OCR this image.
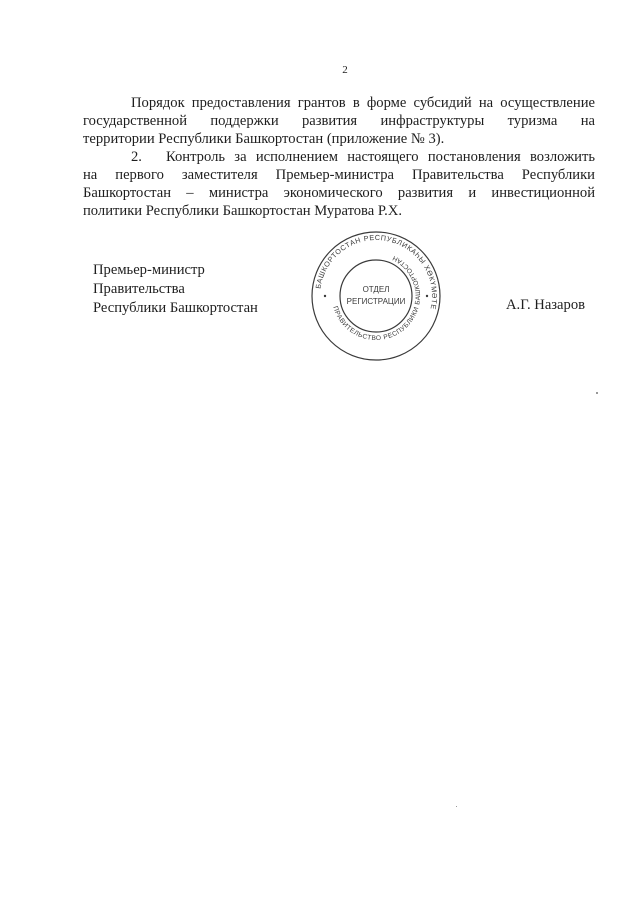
2

Порядок предоставления грантов в форме субсидий на осуществление
государственной поддержки развития инфраструктуры туризма на
территории Республики Башкортостан (приложение № 3).

2. Контроль за исполнением настоящего постановления возложить
на первого заместителя Премьер-министра Правительства Республики
Башкортостан – министра экономического развития и инвестиционной
политики Республики Башкортостан Муратова Р.Х.

Премьер-министр
Правительства
Республики Башкортостан	А.Г. Назаров
БАШКОРТОСТАН РЕСПУБЛИКАҺЫ ХӨКҮМӘТЕ
ПРАВИТЕЛЬСТВО РЕСПУБЛИКИ БАШКОРТОСТАН
ОТДЕЛ
РЕГИСТРАЦИИ
